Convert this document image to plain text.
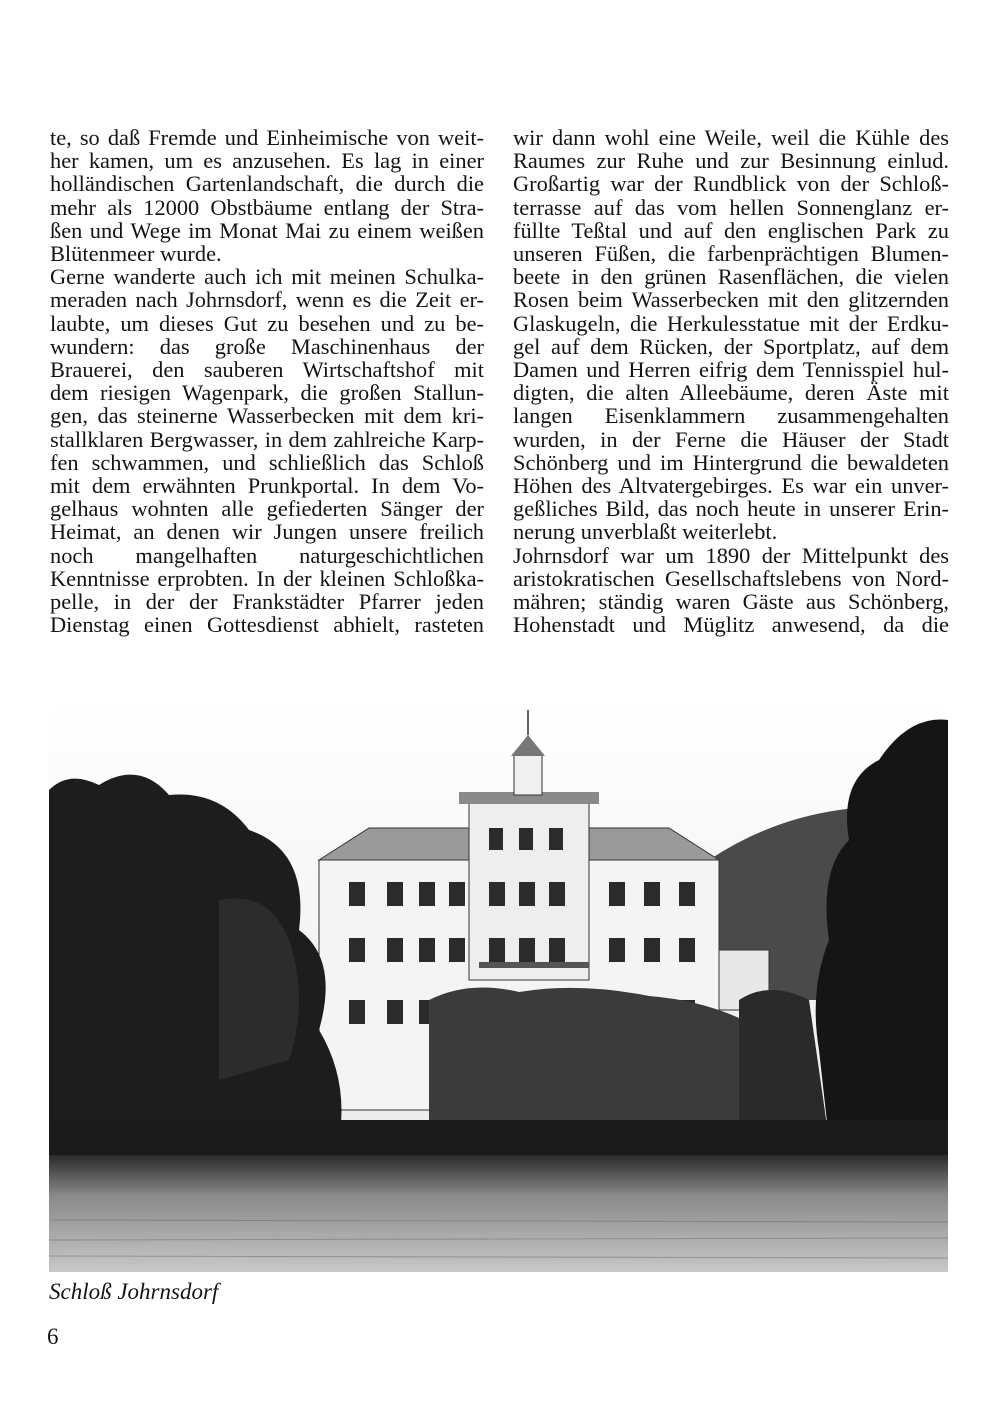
te, so daß Fremde und Einheimische von weit-
her kamen, um es anzusehen. Es lag in einer
holländischen Gartenlandschaft, die durch die
mehr als 12000 Obstbäume entlang der Stra-
ßen und Wege im Monat Mai zu einem weißen
Blütenmeer wurde.
Gerne wanderte auch ich mit meinen Schulka-
meraden nach Johrnsdorf, wenn es die Zeit er-
laubte, um dieses Gut zu besehen und zu be-
wundern: das große Maschinenhaus der
Brauerei, den sauberen Wirtschaftshof mit
dem riesigen Wagenpark, die großen Stallun-
gen, das steinerne Wasserbecken mit dem kri-
stallklaren Bergwasser, in dem zahlreiche Karp-
fen schwammen, und schließlich das Schloß
mit dem erwähnten Prunkportal. In dem Vo-
gelhaus wohnten alle gefiederten Sänger der
Heimat, an denen wir Jungen unsere freilich
noch mangelhaften naturgeschichtlichen
Kenntnisse erprobten. In der kleinen Schloßka-
pelle, in der der Frankstädter Pfarrer jeden
Dienstag einen Gottesdienst abhielt, rasteten
wir dann wohl eine Weile, weil die Kühle des
Raumes zur Ruhe und zur Besinnung einlud.
Großartig war der Rundblick von der Schloß-
terrasse auf das vom hellen Sonnenglanz er-
füllte Teßtal und auf den englischen Park zu
unseren Füßen, die farbenprächtigen Blumen-
beete in den grünen Rasenflächen, die vielen
Rosen beim Wasserbecken mit den glitzernden
Glaskugeln, die Herkulesstatue mit der Erdku-
gel auf dem Rücken, der Sportplatz, auf dem
Damen und Herren eifrig dem Tennisspiel hul-
digten, die alten Alleebäume, deren Äste mit
langen Eisenklammern zusammengehalten
wurden, in der Ferne die Häuser der Stadt
Schönberg und im Hintergrund die bewaldeten
Höhen des Altvatergebirges. Es war ein unver-
geßliches Bild, das noch heute in unserer Erin-
nerung unverblaßt weiterlebt.
Johrnsdorf war um 1890 der Mittelpunkt des
aristokratischen Gesellschaftslebens von Nord-
mähren; ständig waren Gäste aus Schönberg,
Hohenstadt und Müglitz anwesend, da die
Schloß Johrnsdorf
6
